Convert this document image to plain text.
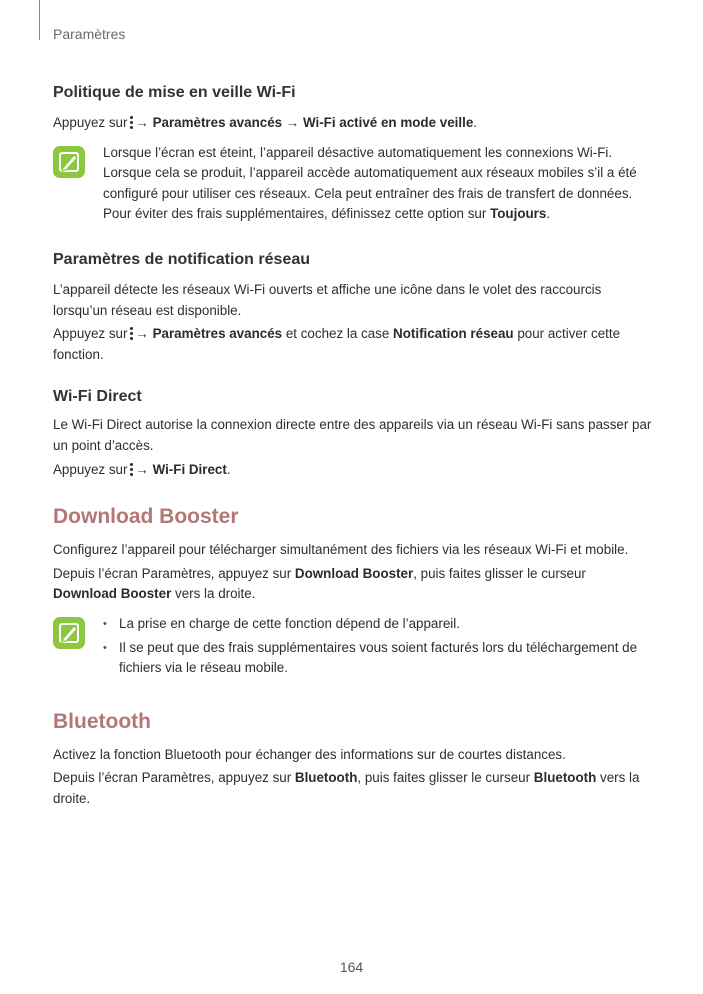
Paramètres
Politique de mise en veille Wi-Fi

Appuyez sur → Paramètres avancés → Wi-Fi activé en mode veille.

Lorsque l’écran est éteint, l’appareil désactive automatiquement les connexions Wi-Fi. Lorsque cela se produit, l’appareil accède automatiquement aux réseaux mobiles s’il a été configuré pour utiliser ces réseaux. Cela peut entraîner des frais de transfert de données. Pour éviter des frais supplémentaires, définissez cette option sur Toujours.

Paramètres de notification réseau

L’appareil détecte les réseaux Wi-Fi ouverts et affiche une icône dans le volet des raccourcis lorsqu’un réseau est disponible.

Appuyez sur → Paramètres avancés et cochez la case Notification réseau pour activer cette fonction.

Wi-Fi Direct

Le Wi-Fi Direct autorise la connexion directe entre des appareils via un réseau Wi-Fi sans passer par un point d’accès.

Appuyez sur → Wi-Fi Direct.

Download Booster

Configurez l’appareil pour télécharger simultanément des fichiers via les réseaux Wi-Fi et mobile.

Depuis l’écran Paramètres, appuyez sur Download Booster, puis faites glisser le curseur Download Booster vers la droite.

• La prise en charge de cette fonction dépend de l’appareil.
• Il se peut que des frais supplémentaires vous soient facturés lors du téléchargement de fichiers via le réseau mobile.
Bluetooth

Activez la fonction Bluetooth pour échanger des informations sur de courtes distances.

Depuis l’écran Paramètres, appuyez sur Bluetooth, puis faites glisser le curseur Bluetooth vers la droite.

164
